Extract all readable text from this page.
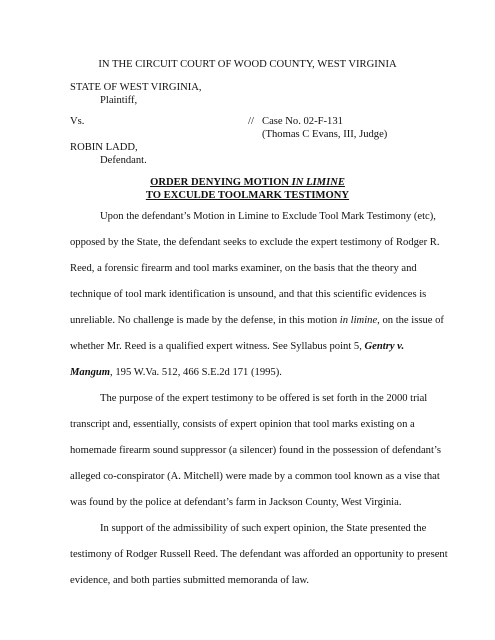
IN THE CIRCUIT COURT OF WOOD COUNTY, WEST VIRGINIA
STATE OF WEST VIRGINIA,
Plaintiff,
Vs.	// Case No. 02-F-131
(Thomas C Evans, III, Judge)
ROBIN LADD,
Defendant.
ORDER DENYING MOTION IN LIMINE
TO EXCULDE TOOLMARK TESTIMONY
Upon the defendant’s Motion in Limine to Exclude Tool Mark Testimony (etc),
opposed by the State, the defendant seeks to exclude the expert testimony of Rodger R.
Reed, a forensic firearm and tool marks examiner, on the basis that the theory and
technique of tool mark identification is unsound, and that this scientific evidences is
unreliable. No challenge is made by the defense, in this motion in limine, on the issue of
whether Mr. Reed is a qualified expert witness. See Syllabus point 5, Gentry v.
Mangum, 195 W.Va. 512, 466 S.E.2d 171 (1995).
The purpose of the expert testimony to be offered is set forth in the 2000 trial
transcript and, essentially, consists of expert opinion that tool marks existing on a
homemade firearm sound suppressor (a silencer) found in the possession of defendant’s
alleged co-conspirator (A. Mitchell) were made by a common tool known as a vise that
was found by the police at defendant’s farm in Jackson County, West Virginia.
In support of the admissibility of such expert opinion, the State presented the
testimony of Rodger Russell Reed. The defendant was afforded an opportunity to present
evidence, and both parties submitted memoranda of law.
